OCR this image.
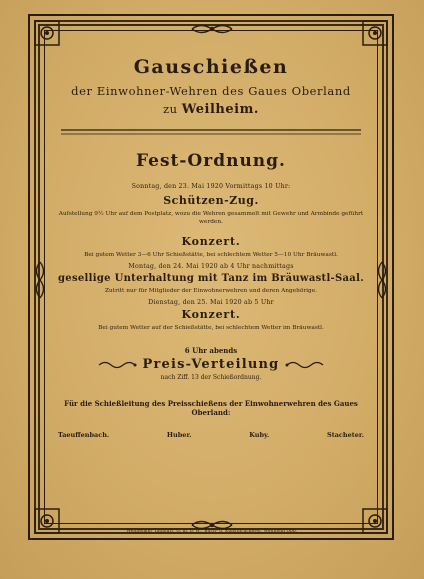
Gauschießen
der Einwohner-Wehren des Gaues Oberland
zu Weilheim.
Fest-Ordnung.
Sonntag, den 23. Mai 1920 Vormittags 10 Uhr:
Schützen-Zug.
Aufstellung 9½ Uhr auf dem Postplatz, wozu die Wehren gesammelt mit Gewehr und Armbinde geführt werden.
Konzert.
Bei gutem Wetter 3—6 Uhr Schießstätte, bei schlechtem Wetter 5—10 Uhr Bräuwastl.
Montag, den 24. Mai 1920 ab 4 Uhr nachmittags
gesellige Unterhaltung mit Tanz im Bräuwastl-Saal.
Zutritt nur für Mitglieder der Einwohnerwehren und deren Angehörige.
Dienstag, den 25. Mai 1920 ab 5 Uhr
Konzert.
Bei gutem Wetter auf der Schießstätte, bei schlechtem Wetter im Bräuwastl.
6 Uhr abends
Preis-Verteilung
nach Ziff. 13 der Schießordnung.
Für die Schießleitung des Preisschießens der Einwohnerwehren des Gaues Oberland:
Taeuffenbach.	Huber.	Kuby.	Stacheter.
Weilheimer Tagblatt, G. m. b. H., Buch- u. Kunstdruckerei, Weilheim Obb.
